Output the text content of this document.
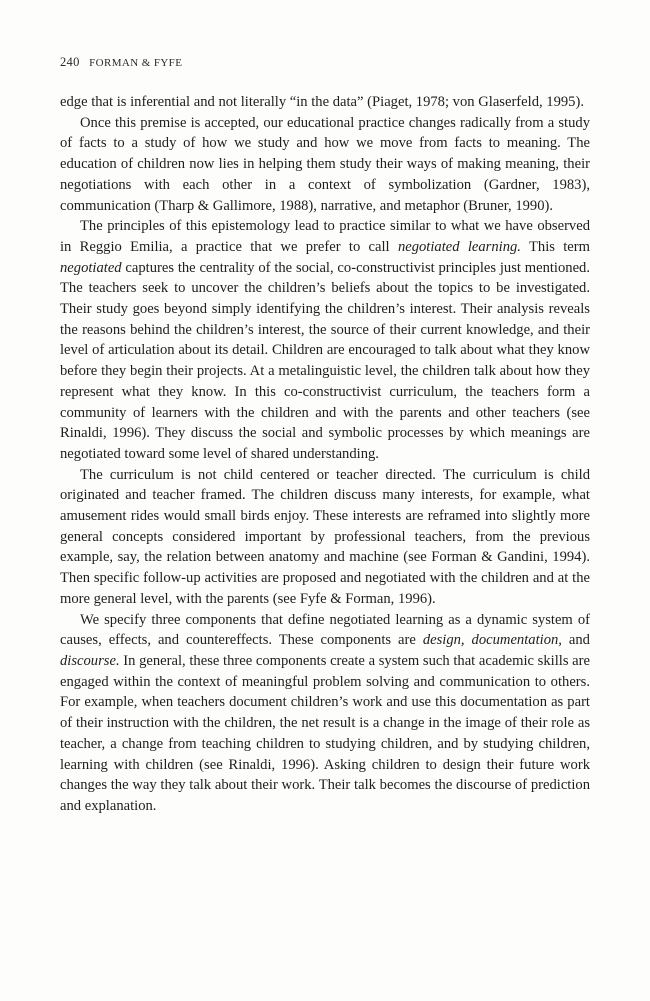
240 FORMAN & FYFE

edge that is inferential and not literally “in the data” (Piaget, 1978; von Glaserfeld, 1995).

Once this premise is accepted, our educational practice changes radically from a study of facts to a study of how we study and how we move from facts to meaning. The education of children now lies in helping them study their ways of making meaning, their negotiations with each other in a context of symbolization (Gardner, 1983), communication (Tharp & Gallimore, 1988), narrative, and metaphor (Bruner, 1990).

The principles of this epistemology lead to practice similar to what we have observed in Reggio Emilia, a practice that we prefer to call negotiated learning. This term negotiated captures the centrality of the social, co-constructivist principles just mentioned. The teachers seek to uncover the children’s beliefs about the topics to be investigated. Their study goes beyond simply identifying the children’s interest. Their analysis reveals the reasons behind the children’s interest, the source of their current knowledge, and their level of articulation about its detail. Children are encouraged to talk about what they know before they begin their projects. At a metalinguistic level, the children talk about how they represent what they know. In this co-constructivist curriculum, the teachers form a community of learners with the children and with the parents and other teachers (see Rinaldi, 1996). They discuss the social and symbolic processes by which meanings are negotiated toward some level of shared understanding.

The curriculum is not child centered or teacher directed. The curriculum is child originated and teacher framed. The children discuss many interests, for example, what amusement rides would small birds enjoy. These interests are reframed into slightly more general concepts considered important by professional teachers, from the previous example, say, the relation between anatomy and machine (see Forman & Gandini, 1994). Then specific follow-up activities are proposed and negotiated with the children and at the more general level, with the parents (see Fyfe & Forman, 1996).

We specify three components that define negotiated learning as a dynamic system of causes, effects, and countereffects. These components are design, documentation, and discourse. In general, these three components create a system such that academic skills are engaged within the context of meaningful problem solving and communication to others. For example, when teachers document children’s work and use this documentation as part of their instruction with the children, the net result is a change in the image of their role as teacher, a change from teaching children to studying children, and by studying children, learning with children (see Rinaldi, 1996). Asking children to design their future work changes the way they talk about their work. Their talk becomes the discourse of prediction and explanation.
